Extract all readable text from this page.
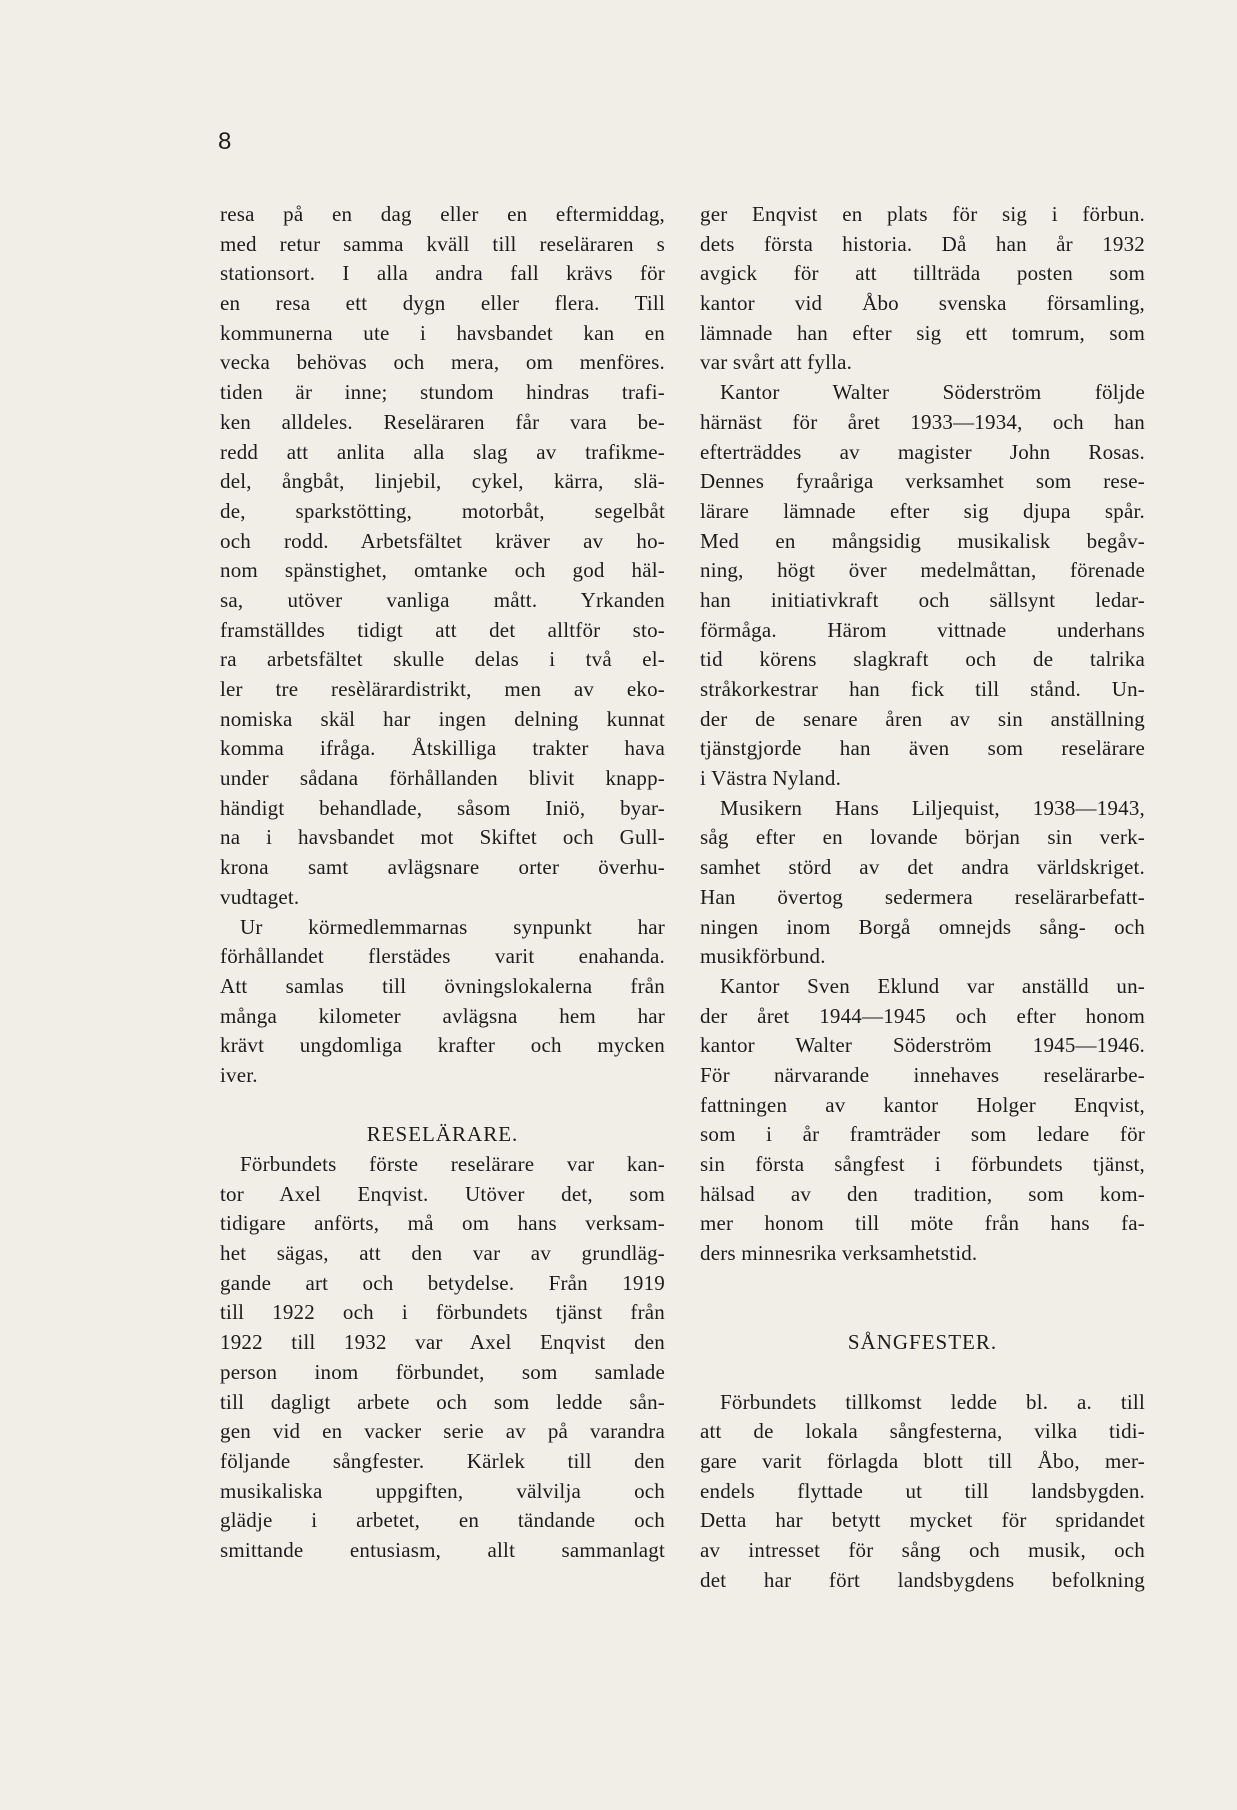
8
resa på en dag eller en eftermiddag,
med retur samma kväll till reseläraren s
stationsort. I alla andra fall krävs för
en resa ett dygn eller flera. Till
kommunerna ute i havsbandet kan en
vecka behövas och mera, om menföres.
tiden är inne; stundom hindras trafi-
ken alldeles. Reseläraren får vara be-
redd att anlita alla slag av trafikme-
del, ångbåt, linjebil, cykel, kärra, slä-
de, sparkstötting, motorbåt, segelbåt
och rodd. Arbetsfältet kräver av ho-
nom spänstighet, omtanke och god häl-
sa, utöver vanliga mått. Yrkanden
framställdes tidigt att det alltför sto-
ra arbetsfältet skulle delas i två el-
ler tre resèlärardistrikt, men av eko-
nomiska skäl har ingen delning kunnat
komma ifråga. Åtskilliga trakter hava
under sådana förhållanden blivit knapp-
händigt behandlade, såsom Iniö, byar-
na i havsbandet mot Skiftet och Gull-
krona samt avlägsnare orter överhu-
vudtaget.
Ur körmedlemmarnas synpunkt har
förhållandet flerstädes varit enahanda.
Att samlas till övningslokalerna från
många kilometer avlägsna hem har
krävt ungdomliga krafter och mycken
iver.
RESELÄRARE.
Förbundets förste reselärare var kan-
tor Axel Enqvist. Utöver det, som
tidigare anförts, må om hans verksam-
het sägas, att den var av grundläg-
gande art och betydelse. Från 1919
till 1922 och i förbundets tjänst från
1922 till 1932 var Axel Enqvist den
person inom förbundet, som samlade
till dagligt arbete och som ledde sån-
gen vid en vacker serie av på varandra
följande sångfester. Kärlek till den
musikaliska uppgiften, välvilja och
glädje i arbetet, en tändande och
smittande entusiasm, allt sammanlagt
ger Enqvist en plats för sig i förbun.
dets första historia. Då han år 1932
avgick för att tillträda posten som
kantor vid Åbo svenska församling,
lämnade han efter sig ett tomrum, som
var svårt att fylla.
Kantor Walter Söderström följde
härnäst för året 1933—1934, och han
efterträddes av magister John Rosas.
Dennes fyraåriga verksamhet som rese-
lärare lämnade efter sig djupa spår.
Med en mångsidig musikalisk begåv-
ning, högt över medelmåttan, förenade
han initiativkraft och sällsynt ledar-
förmåga. Härom vittnade underhans
tid körens slagkraft och de talrika
stråkorkestrar han fick till stånd. Un-
der de senare åren av sin anställning
tjänstgjorde han även som reselärare
i Västra Nyland.
Musikern Hans Liljequist, 1938—1943,
såg efter en lovande början sin verk-
samhet störd av det andra världskriget.
Han övertog sedermera reselärarbefatt-
ningen inom Borgå omnejds sång- och
musikförbund.
Kantor Sven Eklund var anställd un-
der året 1944—1945 och efter honom
kantor Walter Söderström 1945—1946.
För närvarande innehaves reselärarbe-
fattningen av kantor Holger Enqvist,
som i år framträder som ledare för
sin första sångfest i förbundets tjänst,
hälsad av den tradition, som kom-
mer honom till möte från hans fa-
ders minnesrika verksamhetstid.
SÅNGFESTER.
Förbundets tillkomst ledde bl. a. till
att de lokala sångfesterna, vilka tidi-
gare varit förlagda blott till Åbo, mer-
endels flyttade ut till landsbygden.
Detta har betytt mycket för spridandet
av intresset för sång och musik, och
det har fört landsbygdens befolkning
